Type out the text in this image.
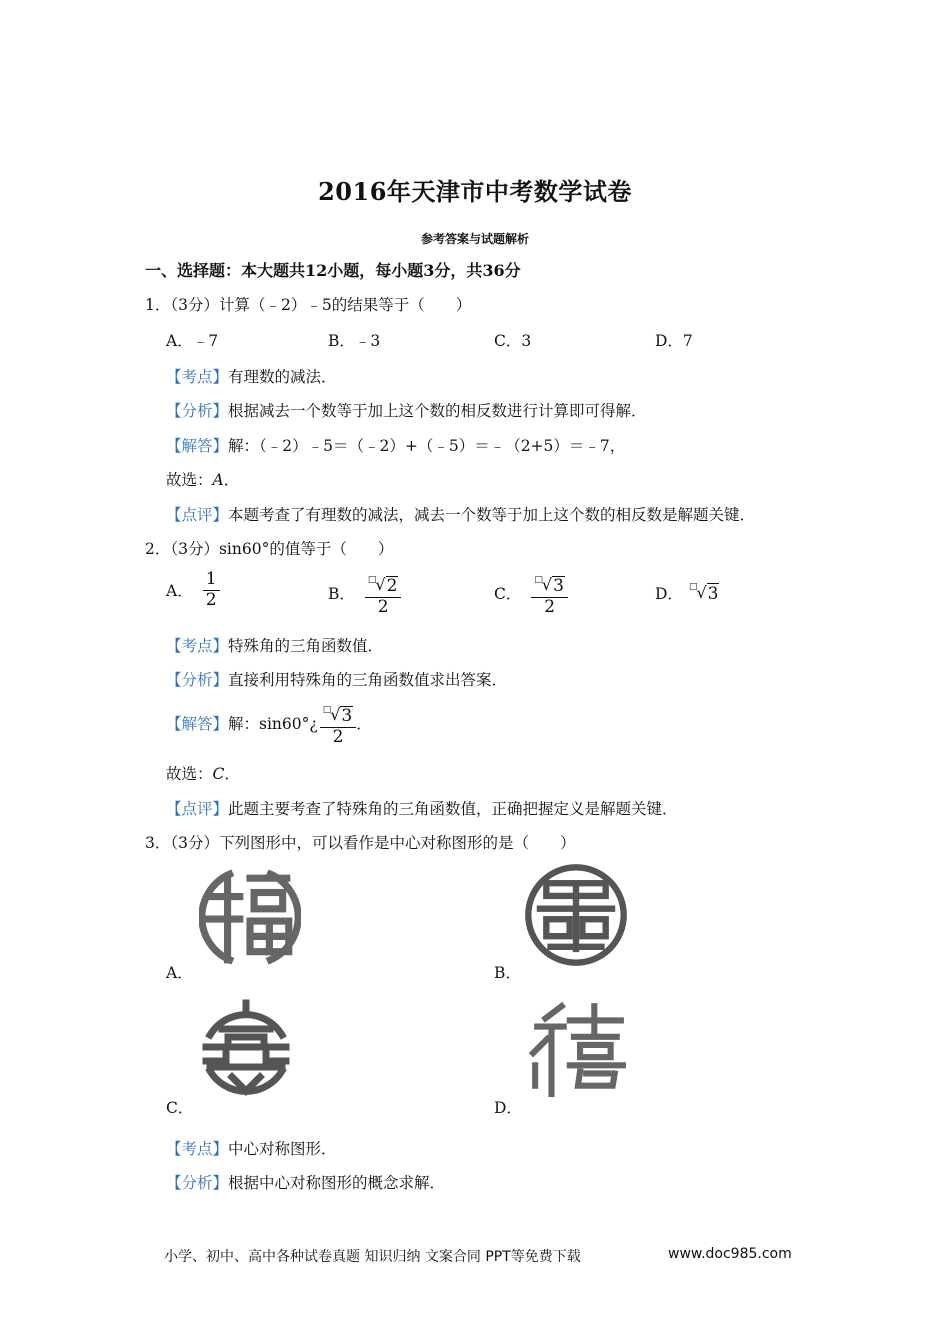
2016年天津市中考数学试卷
参考答案与试题解析
一、选择题：本大题共12小题，每小题3分，共36分
1．（3分）计算（﹣2）﹣5的结果等于（　　）
A．﹣7	B．﹣3	C．3	D．7
【考点】有理数的减法．
【分析】根据减去一个数等于加上这个数的相反数进行计算即可得解．
【解答】解：（﹣2）﹣5＝（﹣2）+（﹣5）＝﹣（2+5）＝﹣7，
故选：A．
【点评】本题考查了有理数的减法，减去一个数等于加上这个数的相反数是解题关键．
2．（3分）sin60°的值等于（　　）
A． $\frac{1}{2}$	B． $\frac{□ √ 2}{2}$	C． $\frac{□ √ 3}{2}$	D． □ √ 3
【考点】特殊角的三角函数值．
【分析】直接利用特殊角的三角函数值求出答案．
【解答】 解：sin60°¿ $\frac{□ √ 3}{2}$ ．
故选：C．
【点评】此题主要考查了特殊角的三角函数值，正确把握定义是解题关键．
3．（3分）下列图形中，可以看作是中心对称图形的是（　　）
A．	B．
C．	D．
【考点】中心对称图形．
【分析】根据中心对称图形的概念求解．
小学、初中、高中各种试卷真题 知识归纳 文案合同 PPT等免费下载	www.doc985.com
